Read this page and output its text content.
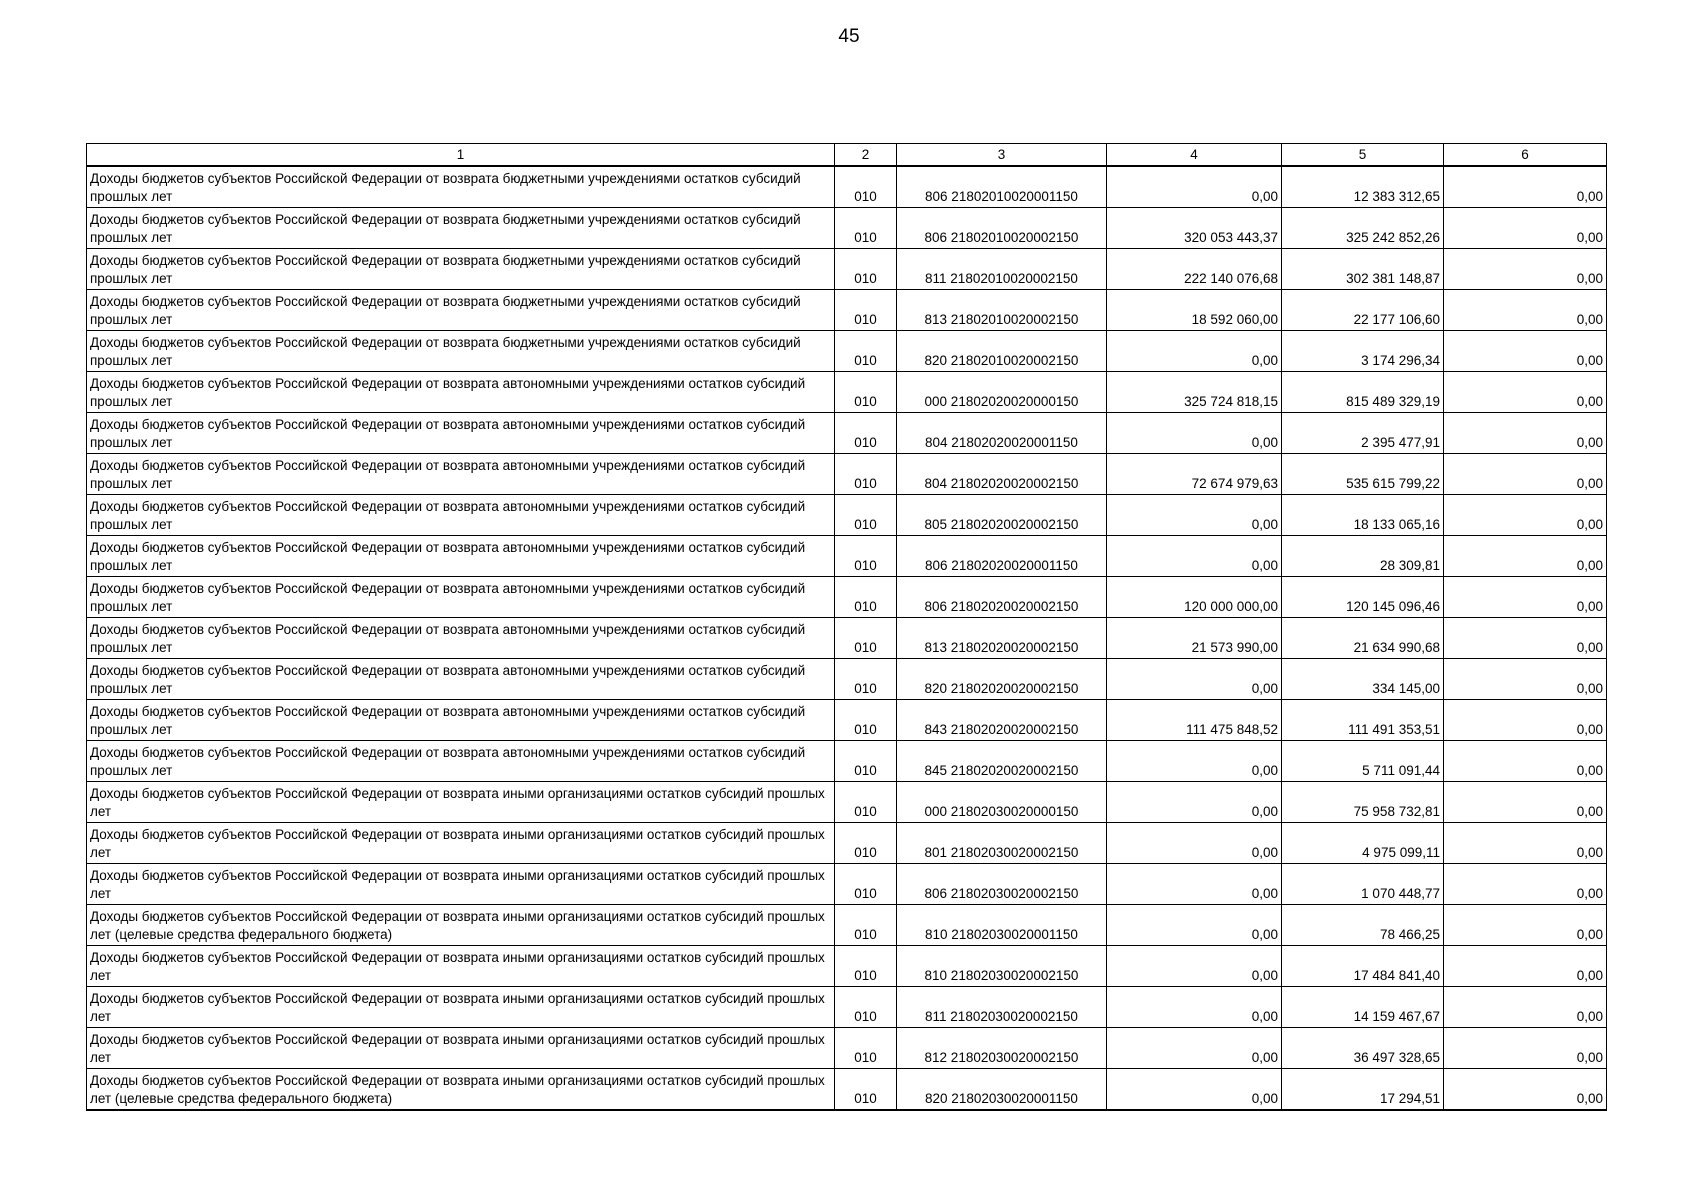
45
1	2	3	4	5	6
Доходы бюджетов субъектов Российской Федерации от возврата бюджетными учреждениями остатков субсидий прошлых лет	010	806 21802010020001150	0,00	12 383 312,65	0,00
Доходы бюджетов субъектов Российской Федерации от возврата бюджетными учреждениями остатков субсидий прошлых лет	010	806 21802010020002150	320 053 443,37	325 242 852,26	0,00
Доходы бюджетов субъектов Российской Федерации от возврата бюджетными учреждениями остатков субсидий прошлых лет	010	811 21802010020002150	222 140 076,68	302 381 148,87	0,00
Доходы бюджетов субъектов Российской Федерации от возврата бюджетными учреждениями остатков субсидий прошлых лет	010	813 21802010020002150	18 592 060,00	22 177 106,60	0,00
Доходы бюджетов субъектов Российской Федерации от возврата бюджетными учреждениями остатков субсидий прошлых лет	010	820 21802010020002150	0,00	3 174 296,34	0,00
Доходы бюджетов субъектов Российской Федерации от возврата автономными учреждениями остатков субсидий прошлых лет	010	000 21802020020000150	325 724 818,15	815 489 329,19	0,00
Доходы бюджетов субъектов Российской Федерации от возврата автономными учреждениями остатков субсидий прошлых лет	010	804 21802020020001150	0,00	2 395 477,91	0,00
Доходы бюджетов субъектов Российской Федерации от возврата автономными учреждениями остатков субсидий прошлых лет	010	804 21802020020002150	72 674 979,63	535 615 799,22	0,00
Доходы бюджетов субъектов Российской Федерации от возврата автономными учреждениями остатков субсидий прошлых лет	010	805 21802020020002150	0,00	18 133 065,16	0,00
Доходы бюджетов субъектов Российской Федерации от возврата автономными учреждениями остатков субсидий прошлых лет	010	806 21802020020001150	0,00	28 309,81	0,00
Доходы бюджетов субъектов Российской Федерации от возврата автономными учреждениями остатков субсидий прошлых лет	010	806 21802020020002150	120 000 000,00	120 145 096,46	0,00
Доходы бюджетов субъектов Российской Федерации от возврата автономными учреждениями остатков субсидий прошлых лет	010	813 21802020020002150	21 573 990,00	21 634 990,68	0,00
Доходы бюджетов субъектов Российской Федерации от возврата автономными учреждениями остатков субсидий прошлых лет	010	820 21802020020002150	0,00	334 145,00	0,00
Доходы бюджетов субъектов Российской Федерации от возврата автономными учреждениями остатков субсидий прошлых лет	010	843 21802020020002150	111 475 848,52	111 491 353,51	0,00
Доходы бюджетов субъектов Российской Федерации от возврата автономными учреждениями остатков субсидий прошлых лет	010	845 21802020020002150	0,00	5 711 091,44	0,00
Доходы бюджетов субъектов Российской Федерации от возврата иными организациями остатков субсидий прошлых лет	010	000 21802030020000150	0,00	75 958 732,81	0,00
Доходы бюджетов субъектов Российской Федерации от возврата иными организациями остатков субсидий прошлых лет	010	801 21802030020002150	0,00	4 975 099,11	0,00
Доходы бюджетов субъектов Российской Федерации от возврата иными организациями остатков субсидий прошлых лет	010	806 21802030020002150	0,00	1 070 448,77	0,00
Доходы бюджетов субъектов Российской Федерации от возврата иными организациями остатков субсидий прошлых лет (целевые средства федерального бюджета)	010	810 21802030020001150	0,00	78 466,25	0,00
Доходы бюджетов субъектов Российской Федерации от возврата иными организациями остатков субсидий прошлых лет	010	810 21802030020002150	0,00	17 484 841,40	0,00
Доходы бюджетов субъектов Российской Федерации от возврата иными организациями остатков субсидий прошлых лет	010	811 21802030020002150	0,00	14 159 467,67	0,00
Доходы бюджетов субъектов Российской Федерации от возврата иными организациями остатков субсидий прошлых лет	010	812 21802030020002150	0,00	36 497 328,65	0,00
Доходы бюджетов субъектов Российской Федерации от возврата иными организациями остатков субсидий прошлых лет (целевые средства федерального бюджета)	010	820 21802030020001150	0,00	17 294,51	0,00
